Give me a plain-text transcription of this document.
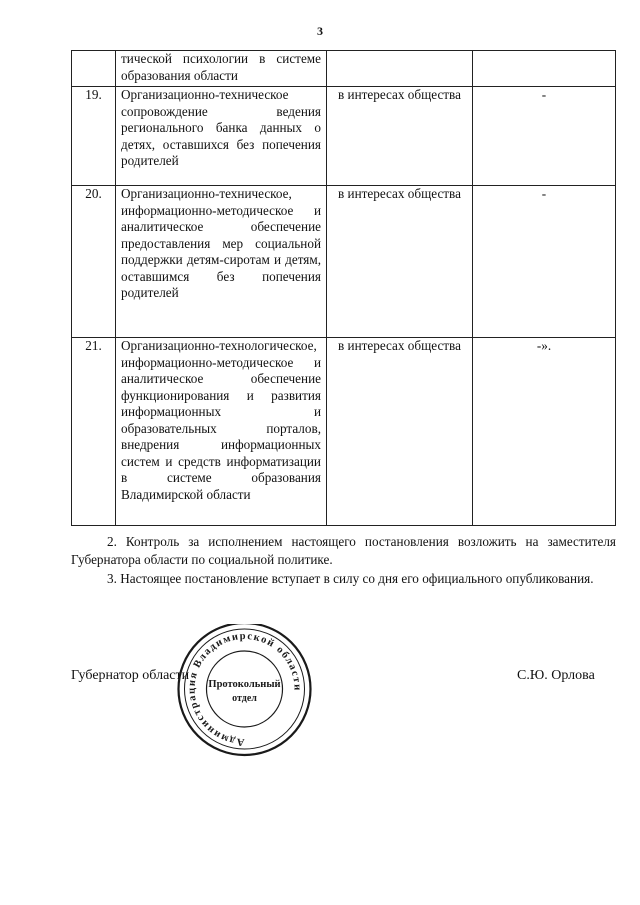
3
	тической психологии в системе образования области		
19.	Организационно-техническое сопровождение ведения регионального банка данных о детях, оставшихся без попечения родителей	в интересах общества	-
20.	Организационно-техническое, информационно-методическое и аналитическое обеспечение предоставления мер социальной поддержки детям-сиротам и детям, оставшимся без попечения родителей	в интересах общества	-
21.	Организационно-технологическое, информационно-методическое и аналитическое обеспечение функционирования и развития информационных и образовательных порталов, внедрения информационных систем и средств информатизации в системе образования Владимирской области	в интересах общества	-».

2. Контроль за исполнением настоящего постановления возложить на заместителя Губернатора области по социальной политике.

3. Настоящее постановление вступает в силу со дня его официального опубликования.

Губернатор области	С.Ю. Орлова
Администрация Владимирской области
Протокольный
отдел
